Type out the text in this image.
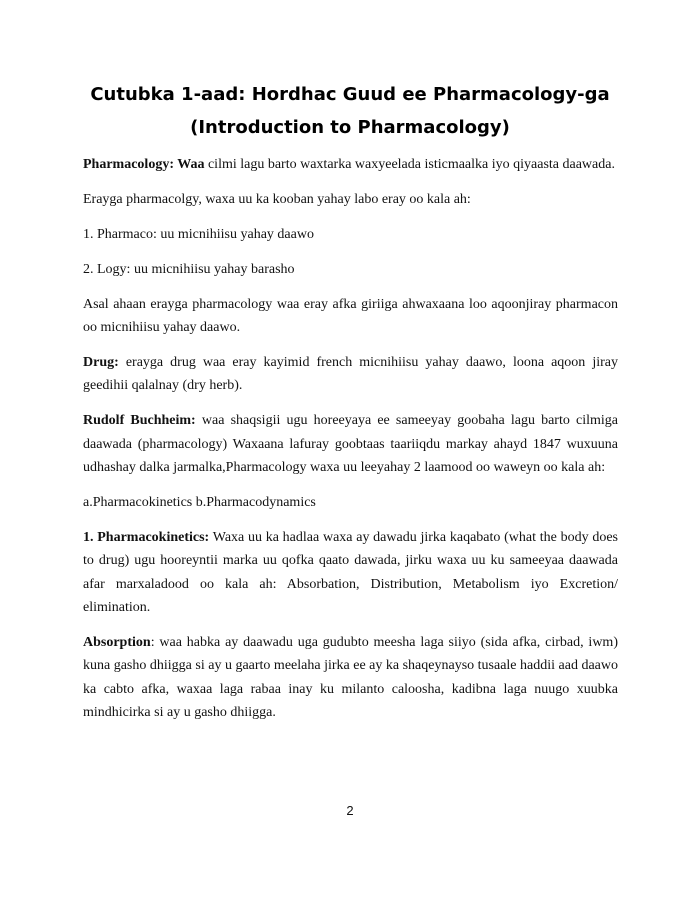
Cutubka 1-aad: Hordhac Guud ee Pharmacology-ga
(Introduction to Pharmacology)

Pharmacology: Waa cilmi lagu barto waxtarka waxyeelada isticmaalka iyo qiyaasta daawada.

Erayga pharmacolgy, waxa uu ka kooban yahay labo eray oo kala ah:

1. Pharmaco: uu micnihiisu yahay daawo

2. Logy: uu micnihiisu yahay barasho

Asal ahaan erayga pharmacology waa eray afka giriiga ahwaxaana loo aqoonjiray pharmacon oo micnihiisu yahay daawo.

Drug: erayga drug waa eray kayimid french micnihiisu yahay daawo, loona aqoon jiray geedihii qalalnay (dry herb).

Rudolf Buchheim: waa shaqsigii ugu horeeyaya ee sameeyay goobaha lagu barto cilmiga daawada (pharmacology) Waxaana lafuray goobtaas taariiqdu markay ahayd 1847 wuxuuna udhashay dalka jarmalka,Pharmacology waxa uu leeyahay 2 laamood oo waweyn oo kala ah:

a.Pharmacokinetics b.Pharmacodynamics

1. Pharmacokinetics: Waxa uu ka hadlaa waxa ay dawadu jirka kaqabato (what the body does to drug) ugu hooreyntii marka uu qofka qaato dawada, jirku waxa uu ku sameeyaa daawada afar marxaladood oo kala ah: Absorbation, Distribution, Metabolism iyo Excretion/ elimination.

Absorption: waa habka ay daawadu uga gudubto meesha laga siiyo (sida afka, cirbad, iwm) kuna gasho dhiigga si ay u gaarto meelaha jirka ee ay ka shaqeynayso tusaale haddii aad daawo ka cabto afka, waxaa laga rabaa inay ku milanto caloosha, kadibna laga nuugo xuubka mindhicirka si ay u gasho dhiigga.

2
